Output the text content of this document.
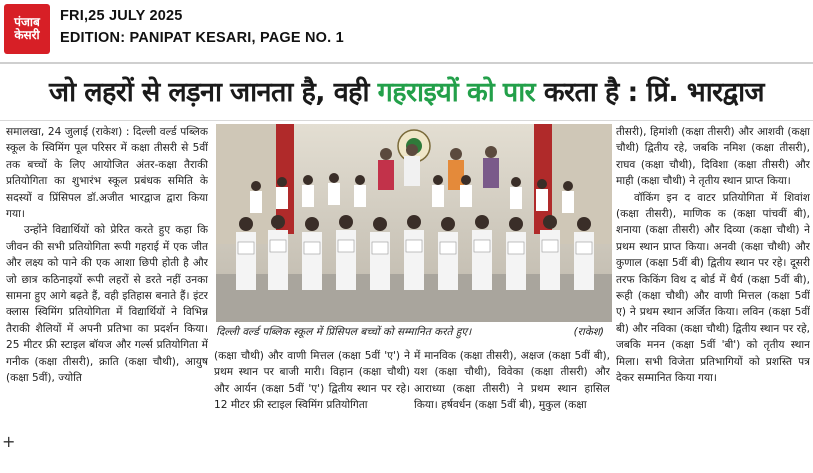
पंजाब
केसरी
FRI,25 JULY 2025
EDITION: PANIPAT KESARI, PAGE NO. 1
जो लहरों से लड़ना जानता है, वही गहराइयों को पार करता है : प्रिं. भारद्वाज

समालखा, 24 जुलाई (राकेश) : दिल्ली वर्ल्ड पब्लिक स्कूल के स्विमिंग पूल परिसर में कक्षा तीसरी से 5वीं तक बच्चों के लिए आयोजित अंतर-कक्षा तैराकी प्रतियोगिता का शुभारंभ स्कूल प्रबंधक समिति के सदस्यों व प्रिंसिपल डॉ.अजीत भारद्वाज द्वारा किया गया।

उन्होंने विद्यार्थियों को प्रेरित करते हुए कहा कि जीवन की सभी प्रतियोगिता रूपी गहराई में एक जीत और लक्ष्य को पाने की एक आशा छिपी होती है और जो छात्र कठिनाइयों रूपी लहरों से डरते नहीं उनका सामना हुए आगे बढ़ते हैं, वही इतिहास बनाते हैं। इंटर क्लास स्विमिंग प्रतियोगिता में विद्यार्थियों ने विभिन्न तैराकी शैलियों में अपनी प्रतिभा का प्रदर्शन किया। 25 मीटर फ्री स्टाइल बॉयज और गर्ल्स प्रतियोगिता में गनीक (कक्षा तीसरी), क्राति (कक्षा चौथी), आयुष (कक्षा 5वीं), ज्योति

दिल्ली वर्ल्ड पब्लिक स्कूल में प्रिंसिपल बच्चों को सम्मानित करते हुए।	(राकेश)

(कक्षा चौथी) और वाणी मित्तल (कक्षा 5वीं 'ए') ने प्रथम स्थान पर बाजी मारी। विहान (कक्षा चौथी) और आर्यन (कक्षा 5वीं 'ए') द्वितीय स्थान पर रहे। 12 मीटर फ्री स्टाइल स्विमिंग प्रतियोगिता

में मानविक (कक्षा तीसरी), अक्षज (कक्षा 5वीं बी), यश (कक्षा चौथी), विवेका (कक्षा तीसरी) और आराध्या (कक्षा तीसरी) ने प्रथम स्थान हासिल किया। हर्षवर्धन (कक्षा 5वीं बी), मुकुल (कक्षा

तीसरी), हिमांशी (कक्षा तीसरी) और आशवी (कक्षा चौथी) द्वितीय रहे, जबकि नमिश (कक्षा तीसरी), राघव (कक्षा चौथी), दिविशा (कक्षा तीसरी) और माही (कक्षा चौथी) ने तृतीय स्थान प्राप्त किया।

वॉकिंग इन द वाटर प्रतियोगिता में शिवांश (कक्षा तीसरी), माणिक क (कक्षा पांचवीं बी), शनाया (कक्षा तीसरी) और दिव्या (कक्षा चौथी) ने प्रथम स्थान प्राप्त किया। अनवी (कक्षा चौथी) और कुणाल (कक्षा 5वीं बी) द्वितीय स्थान पर रहे। दूसरी तरफ किकिंग विथ द बोर्ड में धैर्य (कक्षा 5वीं बी), रूही (कक्षा चौथी) और वाणी मित्तल (कक्षा 5वीं ए) ने प्रथम स्थान अर्जित किया। लविन (कक्षा 5वीं बी) और नविका (कक्षा चौथी) द्वितीय स्थान पर रहे, जबकि मनन (कक्षा 5वीं 'बी') को तृतीय स्थान मिला। सभी विजेता प्रतिभागियों को प्रशस्ति पत्र देकर सम्मानित किया गया।

+
